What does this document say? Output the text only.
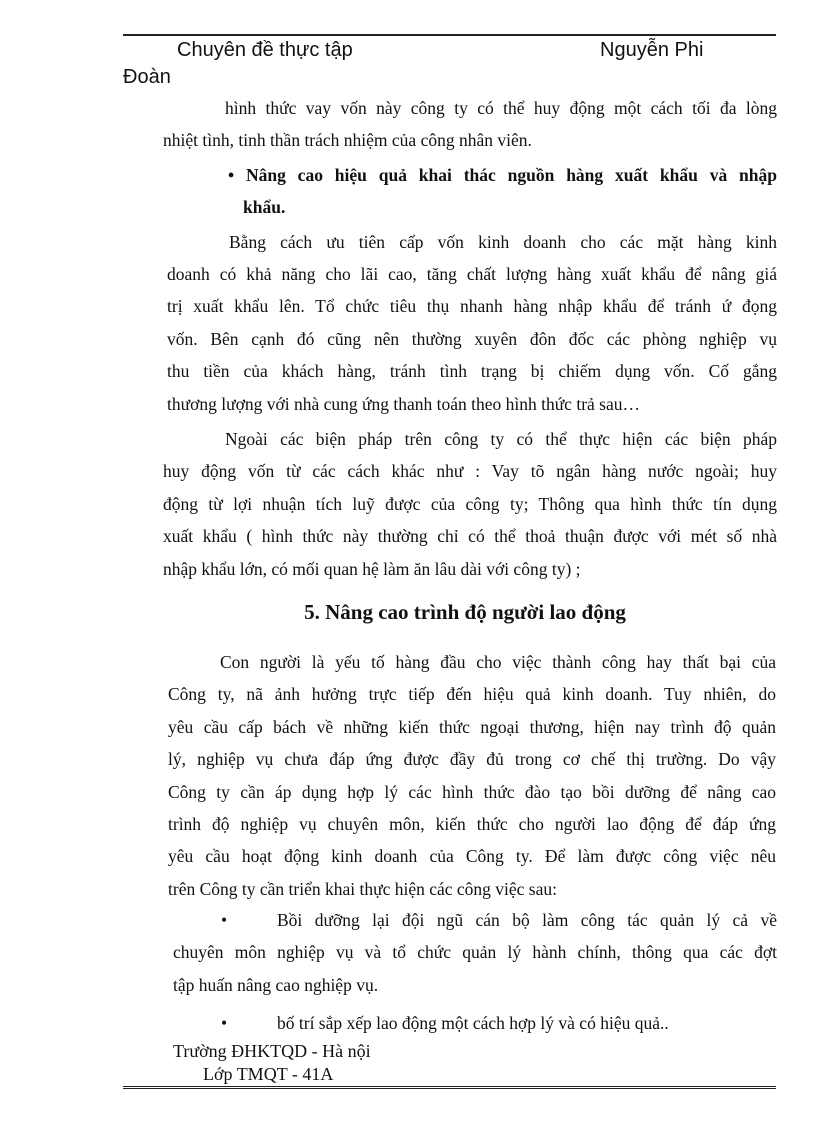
Chuyên đề thực tập	Nguyễn Phi
Đoàn
hình thức vay vốn này công ty có thể huy động một cách tối đa lòng
nhiệt tình, tinh thần trách nhiệm của công nhân viên.
• Nâng cao hiệu quả khai thác nguồn hàng xuất khẩu và nhập
khẩu.
Bằng cách ưu tiên cấp vốn kinh doanh cho các mặt hàng kinh
doanh có khả năng cho lãi cao, tăng chất lượng hàng xuất khẩu để nâng giá
trị xuất khẩu lên. Tổ chức tiêu thụ nhanh hàng nhập khẩu để tránh ứ đọng
vốn. Bên cạnh đó cũng nên thường xuyên đôn đốc các phòng nghiệp vụ
thu tiền của khách hàng, tránh tình trạng bị chiếm dụng vốn. Cố gắng
thương lượng với nhà cung ứng thanh toán theo hình thức trả sau…
Ngoài các biện pháp trên công ty có thể thực hiện các biện pháp
huy động vốn từ các cách khác như : Vay tõ ngân hàng nước ngoài; huy
động từ lợi nhuận tích luỹ được của công ty; Thông qua hình thức tín dụng
xuất khẩu ( hình thức này thường chỉ có thể thoả thuận được với mét số nhà
nhập khẩu lớn, có mối quan hệ làm ăn lâu dài với công ty) ;
5. Nâng cao trình độ người lao động
Con người là yếu tố hàng đầu cho việc thành công hay thất bại của
Công ty, nã ảnh hưởng trực tiếp đến hiệu quả kinh doanh. Tuy nhiên, do
yêu cầu cấp bách về những kiến thức ngoại thương, hiện nay trình độ quản
lý, nghiệp vụ chưa đáp ứng được đầy đủ trong cơ chế thị trường. Do vậy
Công ty cần áp dụng hợp lý các hình thức đào tạo bồi dưỡng để nâng cao
trình độ nghiệp vụ chuyên môn, kiến thức cho người lao động để đáp ứng
yêu cầu hoạt động kinh doanh của Công ty. Để làm được công việc nêu
trên Công ty cần triển khai thực hiện các công việc sau:
•	Bồi dưỡng lại đội ngũ cán bộ làm công tác quản lý cả về
chuyên môn nghiệp vụ và tổ chức quản lý hành chính, thông qua các đợt
tập huấn nâng cao nghiệp vụ.
•	bố trí sắp xếp lao động một cách hợp lý và có hiệu quả..
Trường ĐHKTQD - Hà nội
Lớp TMQT - 41A
